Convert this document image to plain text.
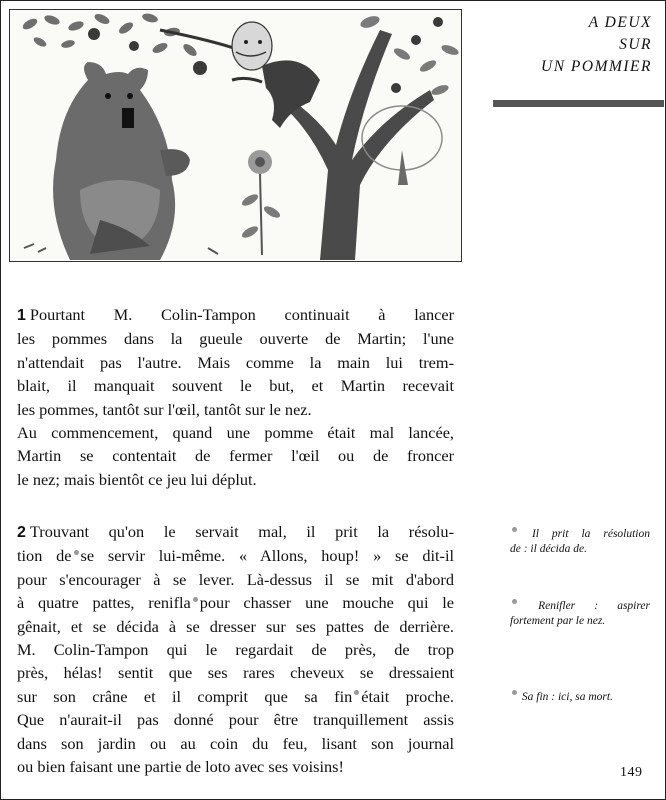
A DEUX
SUR
UN POMMIER
1 Pourtant M. Colin-Tampon continuait à lancer
les pommes dans la gueule ouverte de Martin; l'une
n'attendait pas l'autre. Mais comme la main lui trem-
blait, il manquait souvent le but, et Martin recevait
les pommes, tantôt sur l'œil, tantôt sur le nez.
Au commencement, quand une pomme était mal lancée,
Martin se contentait de fermer l'œil ou de froncer
le nez; mais bientôt ce jeu lui déplut.
2 Trouvant qu'on le servait mal, il prit la résolu-
tion de se servir lui-même. « Allons, houp! » se dit-il
pour s'encourager à se lever. Là-dessus il se mit d'abord
à quatre pattes, renifla pour chasser une mouche qui le
gênait, et se décida à se dresser sur ses pattes de derrière.
M. Colin-Tampon qui le regardait de près, de trop
près, hélas! sentit que ses rares cheveux se dressaient
sur son crâne et il comprit que sa fin était proche.
Que n'aurait-il pas donné pour être tranquillement assis
dans son jardin ou au coin du feu, lisant son journal
ou bien faisant une partie de loto avec ses voisins!
Il prit la résolution
de : il décida de.
Renifler : aspirer
fortement par le nez.
Sa fin : ici, sa mort.
149
